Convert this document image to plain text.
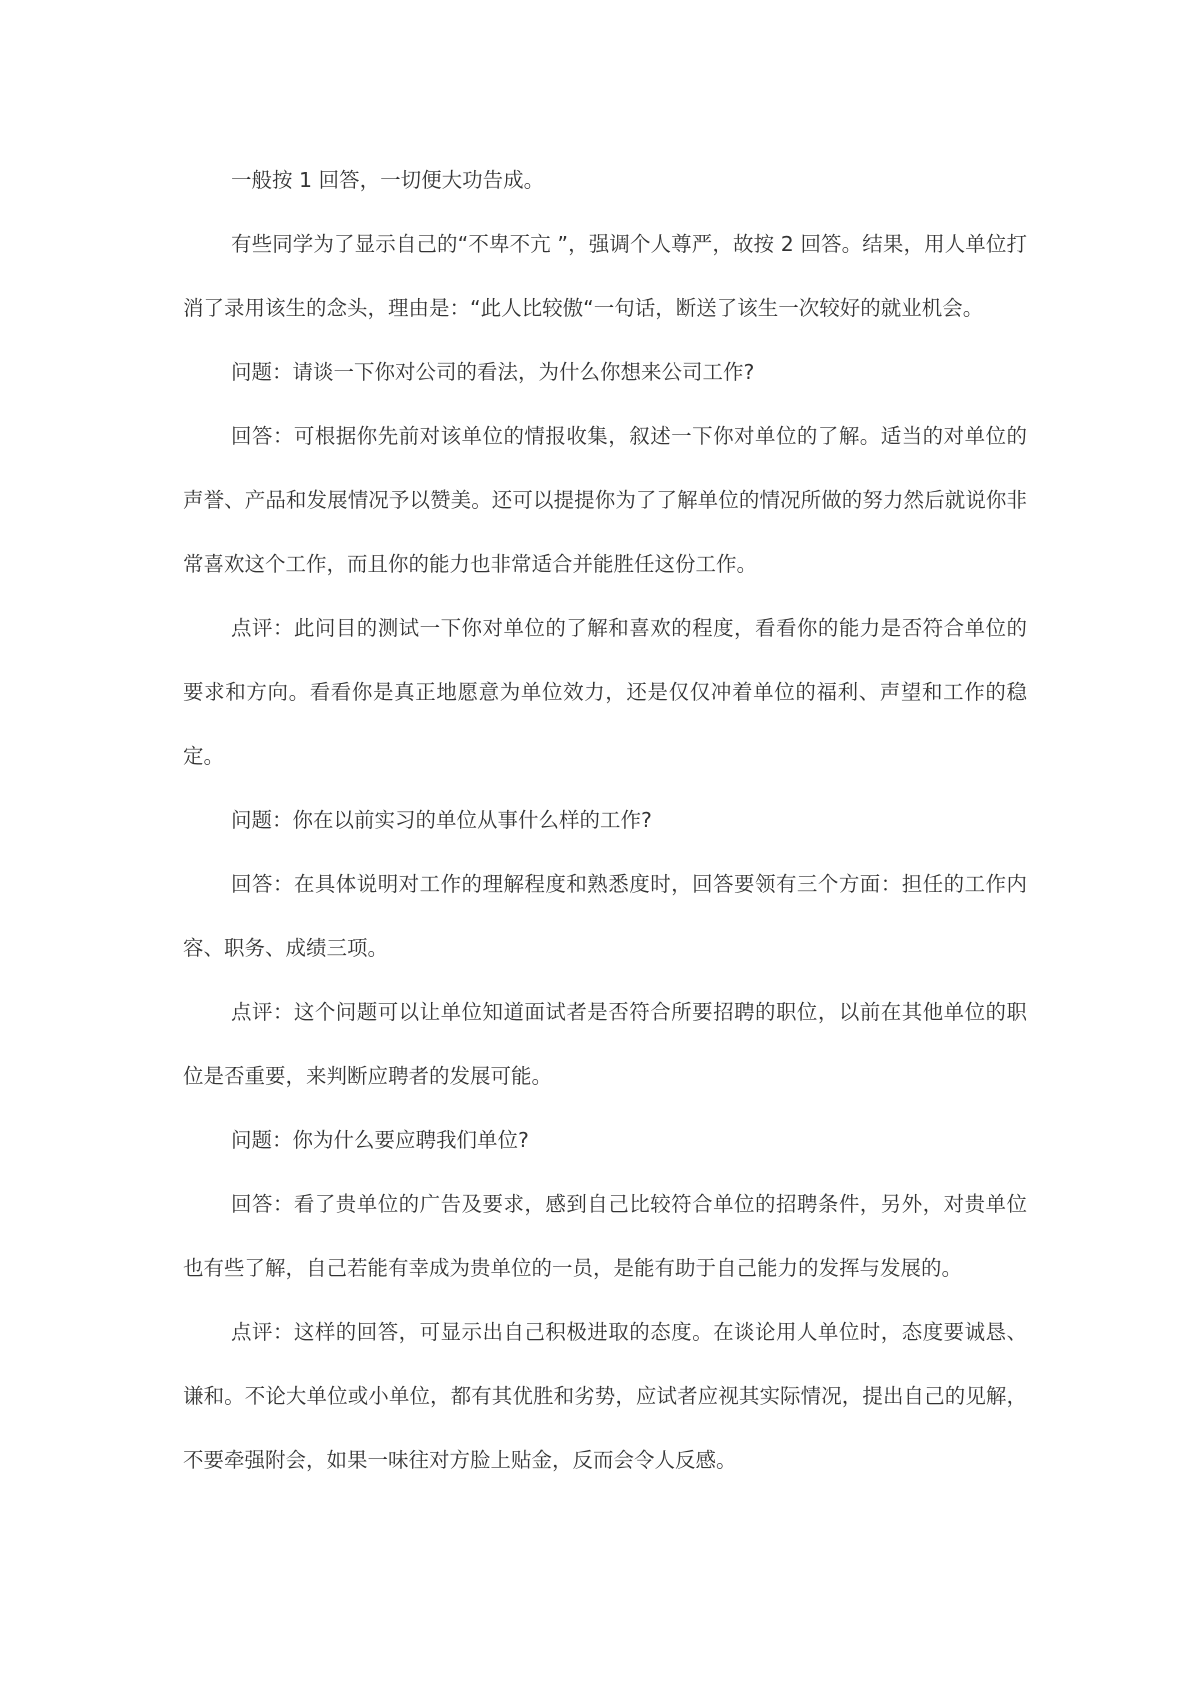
一般按 1 回答，一切便大功告成。

有些同学为了显示自己的“不卑不亢 ”，强调个人尊严，故按 2 回答。结果，用人单位打消了录用该生的念头，理由是：“此人比较傲“一句话，断送了该生一次较好的就业机会。

问题：请谈一下你对公司的看法，为什么你想来公司工作?

回答：可根据你先前对该单位的情报收集，叙述一下你对单位的了解。适当的对单位的声誉、产品和发展情况予以赞美。还可以提提你为了了解单位的情况所做的努力然后就说你非常喜欢这个工作，而且你的能力也非常适合并能胜任这份工作。

点评：此问目的测试一下你对单位的了解和喜欢的程度，看看你的能力是否符合单位的要求和方向。看看你是真正地愿意为单位效力，还是仅仅冲着单位的福利、声望和工作的稳定。

问题：你在以前实习的单位从事什么样的工作?

回答：在具体说明对工作的理解程度和熟悉度时，回答要领有三个方面：担任的工作内容、职务、成绩三项。

点评：这个问题可以让单位知道面试者是否符合所要招聘的职位，以前在其他单位的职位是否重要，来判断应聘者的发展可能。

问题：你为什么要应聘我们单位?

回答：看了贵单位的广告及要求，感到自己比较符合单位的招聘条件，另外，对贵单位也有些了解，自己若能有幸成为贵单位的一员，是能有助于自己能力的发挥与发展的。

点评：这样的回答，可显示出自己积极进取的态度。在谈论用人单位时，态度要诚恳、谦和。不论大单位或小单位，都有其优胜和劣势，应试者应视其实际情况，提出自己的见解，不要牵强附会，如果一味往对方脸上贴金，反而会令人反感。
